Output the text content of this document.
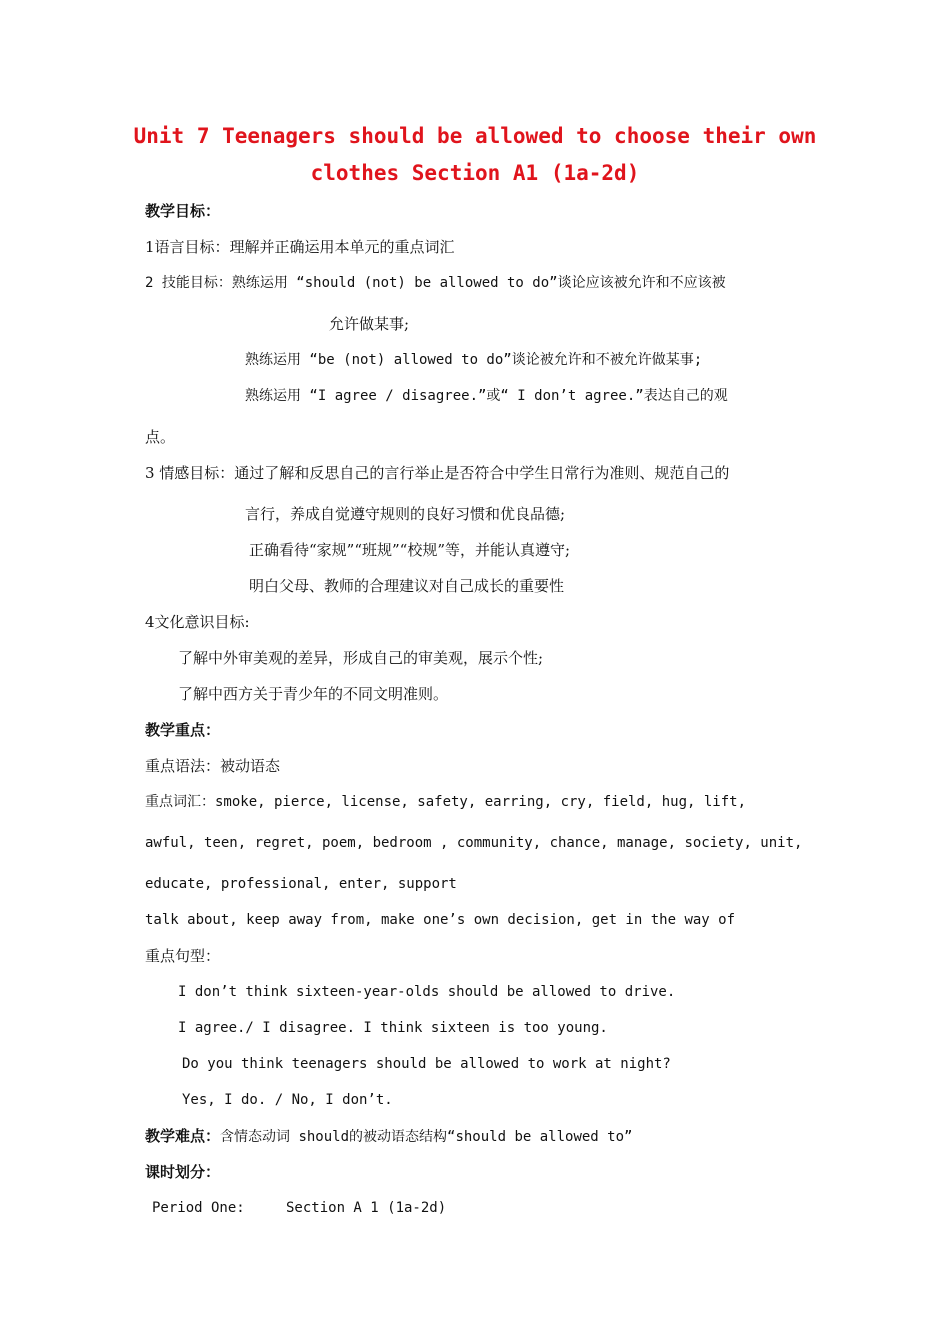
Unit 7 Teenagers should be allowed to choose their own
clothes Section A1 (1a-2d)
教学目标：
1语言目标：理解并正确运用本单元的重点词汇
2 技能目标：熟练运用 “should (not) be allowed to do”谈论应该被允许和不应该被
允许做某事;
熟练运用 “be (not) allowed to do”谈论被允许和不被允许做某事;
熟练运用 “I agree / disagree.”或“ I don’t agree.”表达自己的观
点。
3 情感目标：通过了解和反思自己的言行举止是否符合中学生日常行为准则、规范自己的
言行，养成自觉遵守规则的良好习惯和优良品德;
正确看待“家规”“班规”“校规”等，并能认真遵守;
明白父母、教师的合理建议对自己成长的重要性
4文化意识目标:
了解中外审美观的差异，形成自己的审美观，展示个性;
了解中西方关于青少年的不同文明准则。
教学重点：
重点语法：被动语态
重点词汇：smoke, pierce, license, safety, earring, cry, field, hug, lift,
awful, teen, regret, poem, bedroom , community, chance, manage, society, unit,
educate, professional, enter, support
talk about, keep away from, make one’s own decision, get in the way of
重点句型：
I don’t think sixteen-year-olds should be allowed to drive.
I agree./ I disagree. I think sixteen is too young.
Do you think teenagers should be allowed to work at night?
Yes, I do. / No, I don’t.
教学难点：含情态动词 should的被动语态结构“should be allowed to”
课时划分：
Period One:	Section A 1 (1a-2d)
